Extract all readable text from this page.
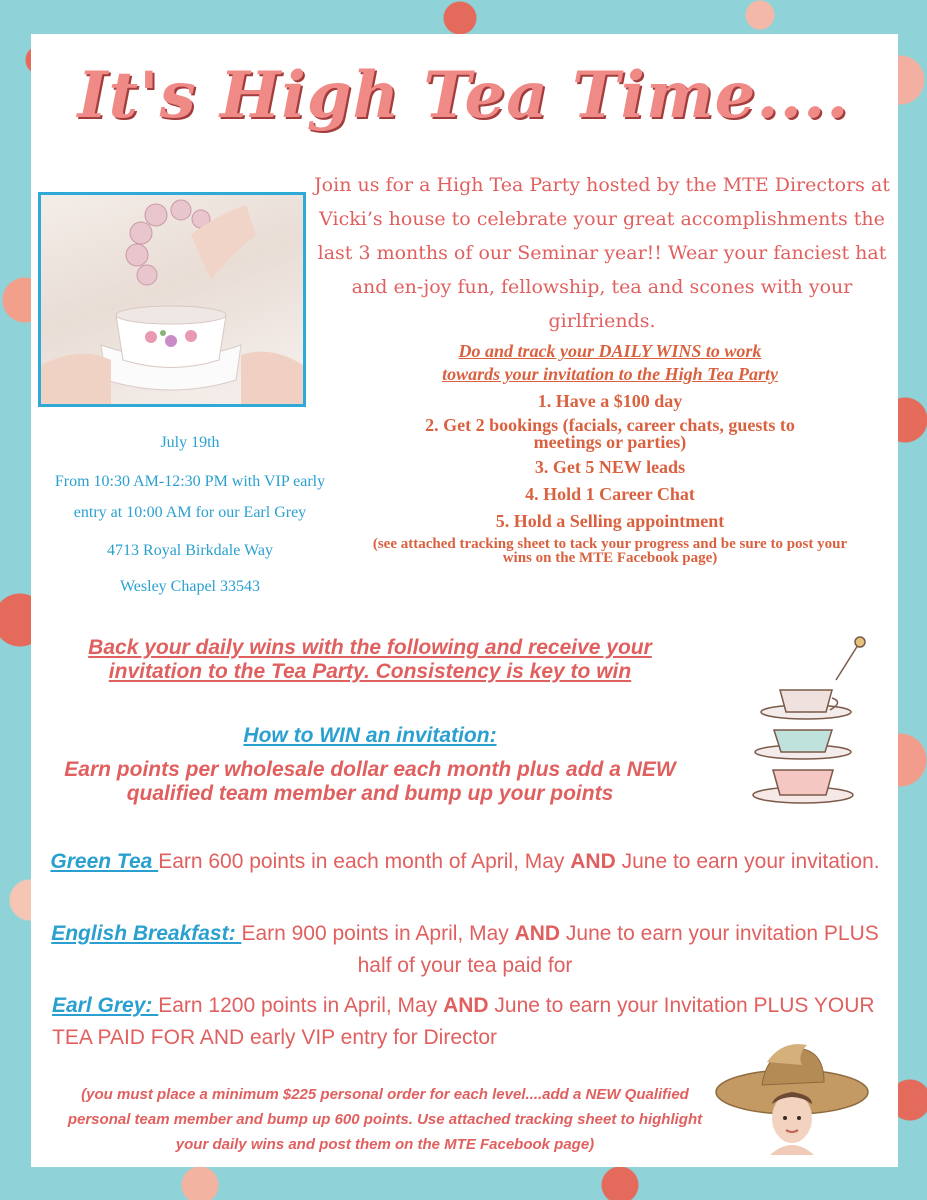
It's High Tea Time....

Join us for a High Tea Party hosted by the MTE Directors at Vicki’s house to celebrate your great accomplishments the last 3 months of our Seminar year!! Wear your fanciest hat and en-joy fun, fellowship, tea and scones with your girlfriends.

Do and track your DAILY WINS to work
towards your invitation to the High Tea Party
1. Have a $100 day
2. Get 2 bookings (facials, career chats, guests to meetings or parties)
3. Get 5 NEW leads
4. Hold 1 Career Chat
5. Hold a Selling appointment
(see attached tracking sheet to tack your progress and be sure to post your wins on the MTE Facebook page)

July 19th

From 10:30 AM-12:30 PM with VIP early entry at 10:00 AM for our Earl Grey

4713 Royal Birkdale Way

Wesley Chapel 33543

Back your daily wins with the following and receive your invitation to the Tea Party. Consistency is key to win

How to WIN an invitation:

Earn points per wholesale dollar each month plus add a NEW qualified team member and bump up your points

Green Tea Earn 600 points in each month of April, May AND June to earn your invitation.

English Breakfast: Earn 900 points in April, May AND June to earn your invitation PLUS half of your tea paid for

Earl Grey: Earn 1200 points in April, May AND June to earn your Invitation PLUS YOUR TEA PAID FOR AND early VIP entry for Director

(you must place a minimum $225 personal order for each level....add a NEW Qualified personal team member and bump up 600 points. Use attached tracking sheet to highlight your daily wins and post them on the MTE Facebook page)
